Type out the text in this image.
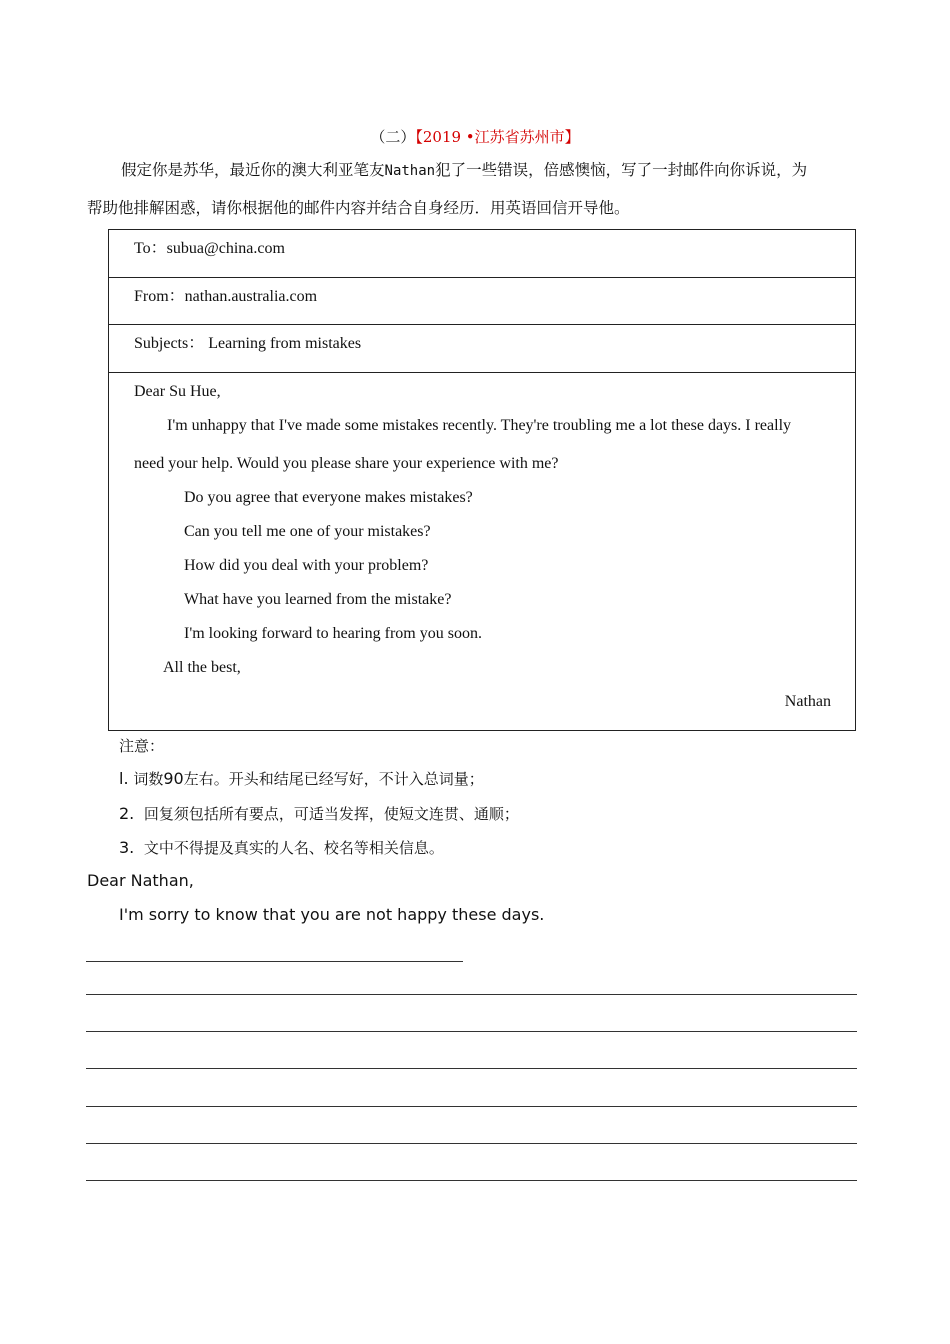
（二）【2019 •江苏省苏州市】
假定你是苏华，最近你的澳大利亚笔友Nathan犯了一些错误，倍感懊恼，写了一封邮件向你诉说，为
帮助他排解困惑，请你根据他的邮件内容并结合自身经历．用英语回信开导他。
To：subua@china.com
From：nathan.australia.com
Subjects： Learning from mistakes
Dear Su Hue,
I'm unhappy that I've made some mistakes recently. They're troubling me a lot these days. I really
need your help. Would you please share your experience with me?
Do you agree that everyone makes mistakes?
Can you tell me one of your mistakes?
How did you deal with your problem?
What have you learned from the mistake?
I'm looking forward to hearing from you soon.
All the best,
Nathan
注意：
l. 词数90左右。开头和结尾已经写好，不计入总词量；
2. 回复须包括所有要点，可适当发挥，使短文连贯、通顺；
3. 文中不得提及真实的人名、校名等相关信息。
Dear Nathan,
I'm sorry to know that you are not happy these days.
